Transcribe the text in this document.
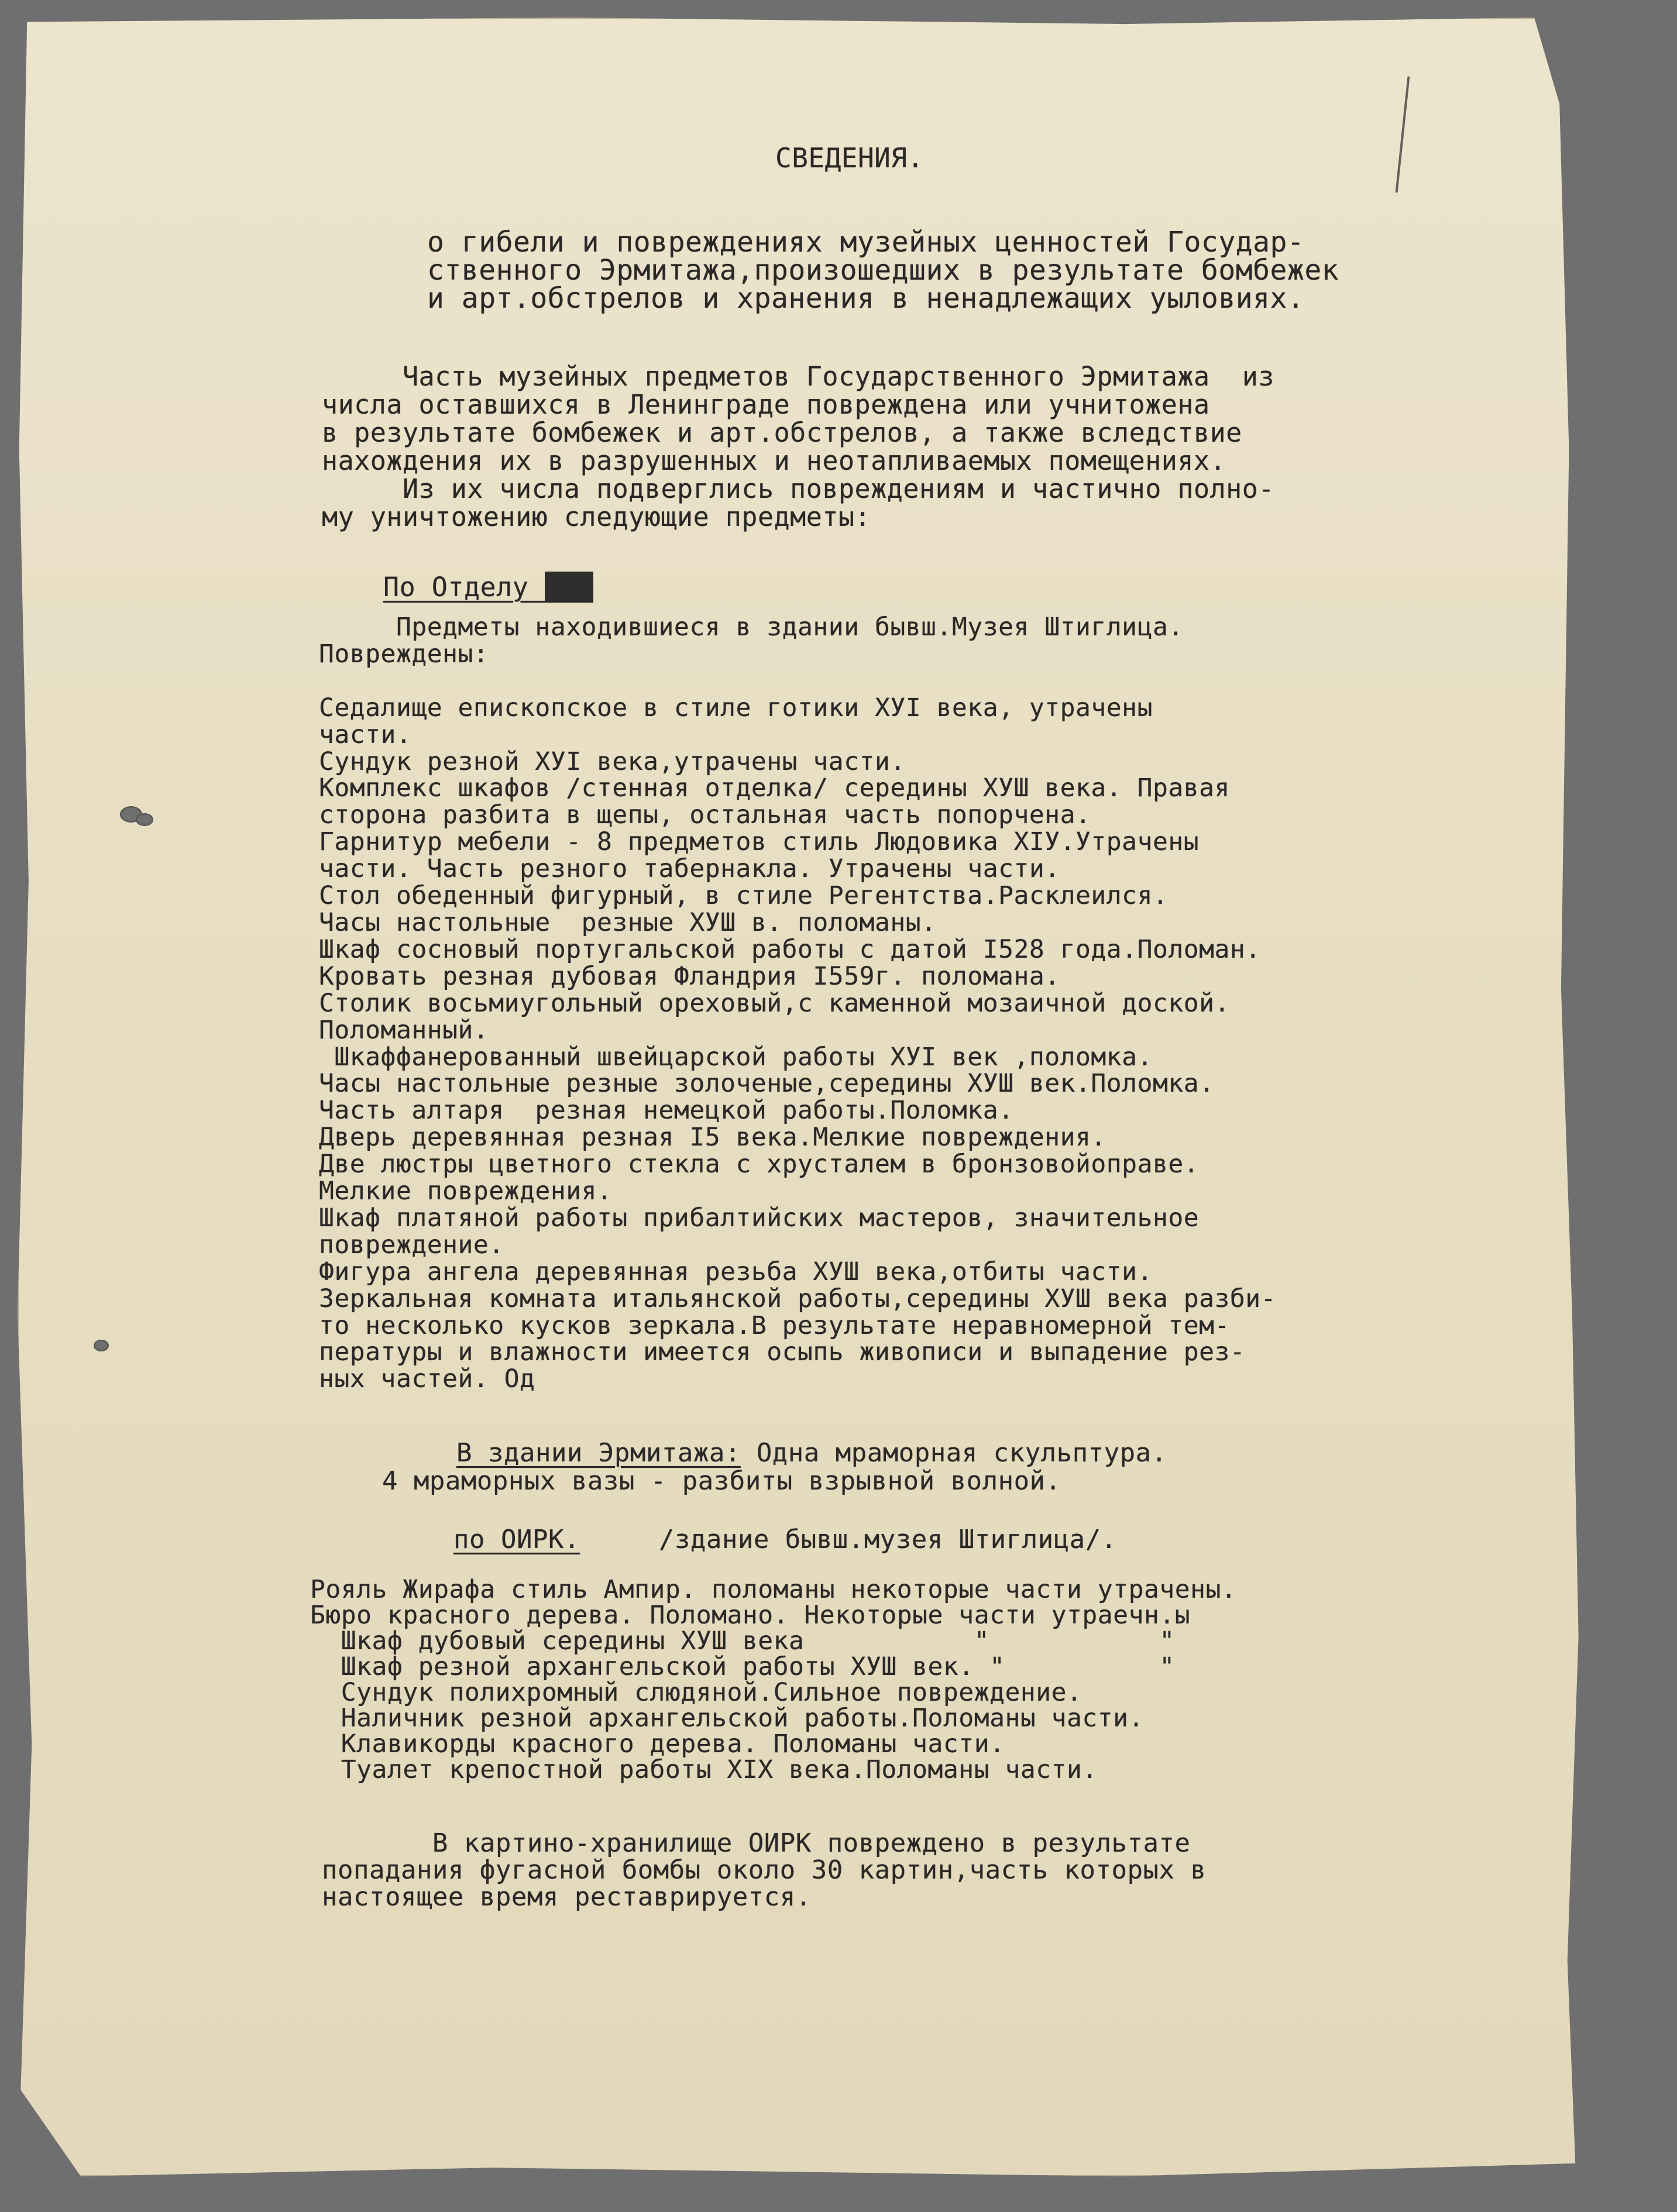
СВЕДЕНИЯ.
о гибели и повреждениях музейных ценностей Государ-
ственного Эрмитажа,произошедших в результате бомбежек
и арт.обстрелов и хранения в ненадлежащих уыловиях.
Часть музейных предметов Государственного Эрмитажа  из
числа оставшихся в Ленинграде повреждена или учнитожена
в результате бомбежек и арт.обстрелов, а также вследствие
нахождения их в разрушенных и неотапливаемых помещениях.
Из их числа подверглись повреждениям и частично полно-
му уничтожению следующие предметы:
По Отделу ИЗО
Предметы находившиеся в здании бывш.Музея Штиглица.
Повреждены:

Седалище епископское в стиле готики ХУI века, утрачены
части.
Сундук резной ХУI века,утрачены части.
Комплекс шкафов /стенная отделка/ середины ХУШ века. Правая
сторона разбита в щепы, остальная часть попорчена.
Гарнитур мебели - 8 предметов стиль Людовика ХIУ.Утрачены
части. Часть резного табернакла. Утрачены части.
Стол обеденный фигурный, в стиле Регентства.Расклеился.
Часы настольные  резные ХУШ в. поломаны.
Шкаф сосновый португальской работы с датой I528 года.Поломан.
Кровать резная дубовая Фландрия I559г. поломана.
Столик восьмиугольный ореховый,с каменной мозаичной доской.
Поломанный.
Шкаффанерованный швейцарской работы ХУI век ,поломка.
Часы настольные резные золоченые,середины ХУШ век.Поломка.
Часть алтаря  резная немецкой работы.Поломка.
Дверь деревянная резная I5 века.Мелкие повреждения.
Две люстры цветного стекла с хрусталем в бронзовойоправе.
Мелкие повреждения.
Шкаф платяной работы прибалтийских мастеров, значительное
повреждение.
Фигура ангела деревянная резьба ХУШ века,отбиты части.
Зеркальная комната итальянской работы,середины ХУШ века разби-
то несколько кусков зеркала.В результате неравномерной тем-
пературы и влажности имеется осыпь живописи и выпадение рез-
ных частей. Од
В здании Эрмитажа: Одна мраморная скульптура.
4 мраморных вазы - разбиты взрывной волной.
по ОИРК.     /здание бывш.музея Штиглица/.
Рояль Жирафа стиль Ампир. поломаны некоторые части утрачены.
Бюро красного дерева. Поломано. Некоторые части утраечн.ы
Шкаф дубовый середины ХУШ века           "           "
Шкаф резной архангельской работы ХУШ век. "          "
Сундук полихромный слюдяной.Сильное повреждение.
Наличник резной архангельской работы.Поломаны части.
Клавикорды красного дерева. Поломаны части.
Туалет крепостной работы ХIХ века.Поломаны части.
В картино-хранилище ОИРК повреждено в результате
попадания фугасной бомбы около 30 картин,часть которых в
настоящее время реставрируется.
